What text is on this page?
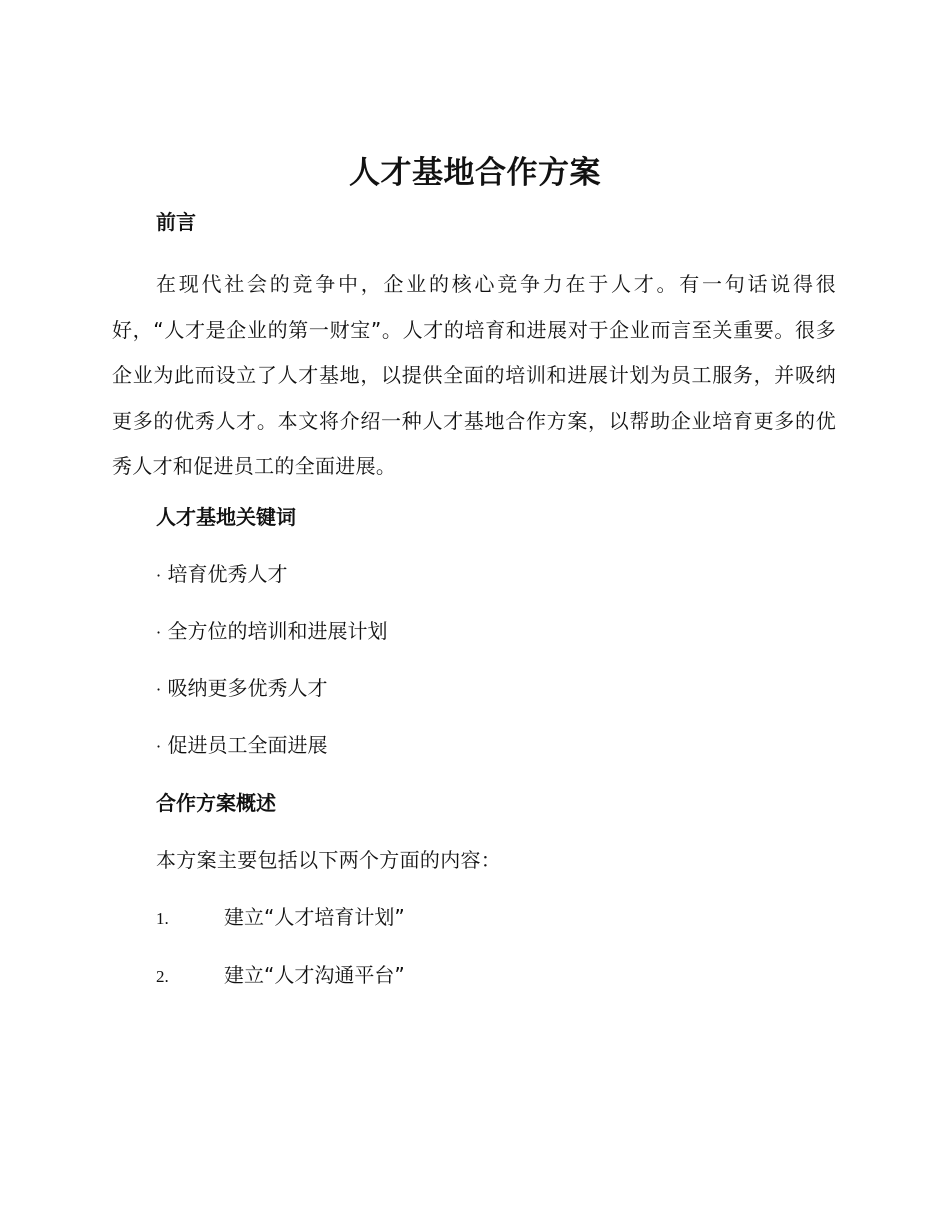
人才基地合作方案
前言
在现代社会的竞争中，企业的核心竞争力在于人才。有一句话说得很好，“人才是企业的第一财宝”。人才的培育和进展对于企业而言至关重要。很多企业为此而设立了人才基地，以提供全面的培训和进展计划为员工服务，并吸纳更多的优秀人才。本文将介绍一种人才基地合作方案，以帮助企业培育更多的优秀人才和促进员工的全面进展。
人才基地关键词
· 培育优秀人才
· 全方位的培训和进展计划
· 吸纳更多优秀人才
· 促进员工全面进展
合作方案概述
本方案主要包括以下两个方面的内容：
1.	建立“人才培育计划”
2.	建立“人才沟通平台”
